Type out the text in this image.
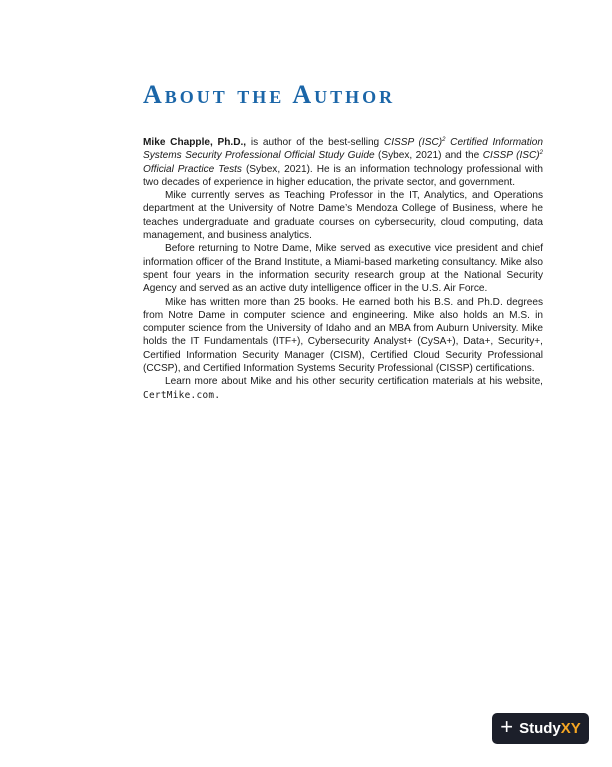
About the Author

Mike Chapple, Ph.D., is author of the best-selling CISSP (ISC)$^2$ Certified Information Systems Security Professional Official Study Guide (Sybex, 2021) and the CISSP (ISC)$^2$ Official Practice Tests (Sybex, 2021). He is an information technology professional with two decades of experience in higher education, the private sector, and government.

Mike currently serves as Teaching Professor in the IT, Analytics, and Operations department at the University of Notre Dame’s Mendoza College of Business, where he teaches undergraduate and graduate courses on cybersecurity, cloud computing, data management, and business analytics.

Before returning to Notre Dame, Mike served as executive vice president and chief information officer of the Brand Institute, a Miami-based marketing consultancy. Mike also spent four years in the information security research group at the National Security Agency and served as an active duty intelligence officer in the U.S. Air Force.

Mike has written more than 25 books. He earned both his B.S. and Ph.D. degrees from Notre Dame in computer science and engineering. Mike also holds an M.S. in computer science from the University of Idaho and an MBA from Auburn University. Mike holds the IT Fundamentals (ITF+), Cybersecurity Analyst+ (CySA+), Data+, Security+, Certified Information Security Manager (CISM), Certified Cloud Security Professional (CCSP), and Certified Information Systems Security Professional (CISSP) certifications.

Learn more about Mike and his other security certification materials at his website, CertMike.com.

+ StudyXY
